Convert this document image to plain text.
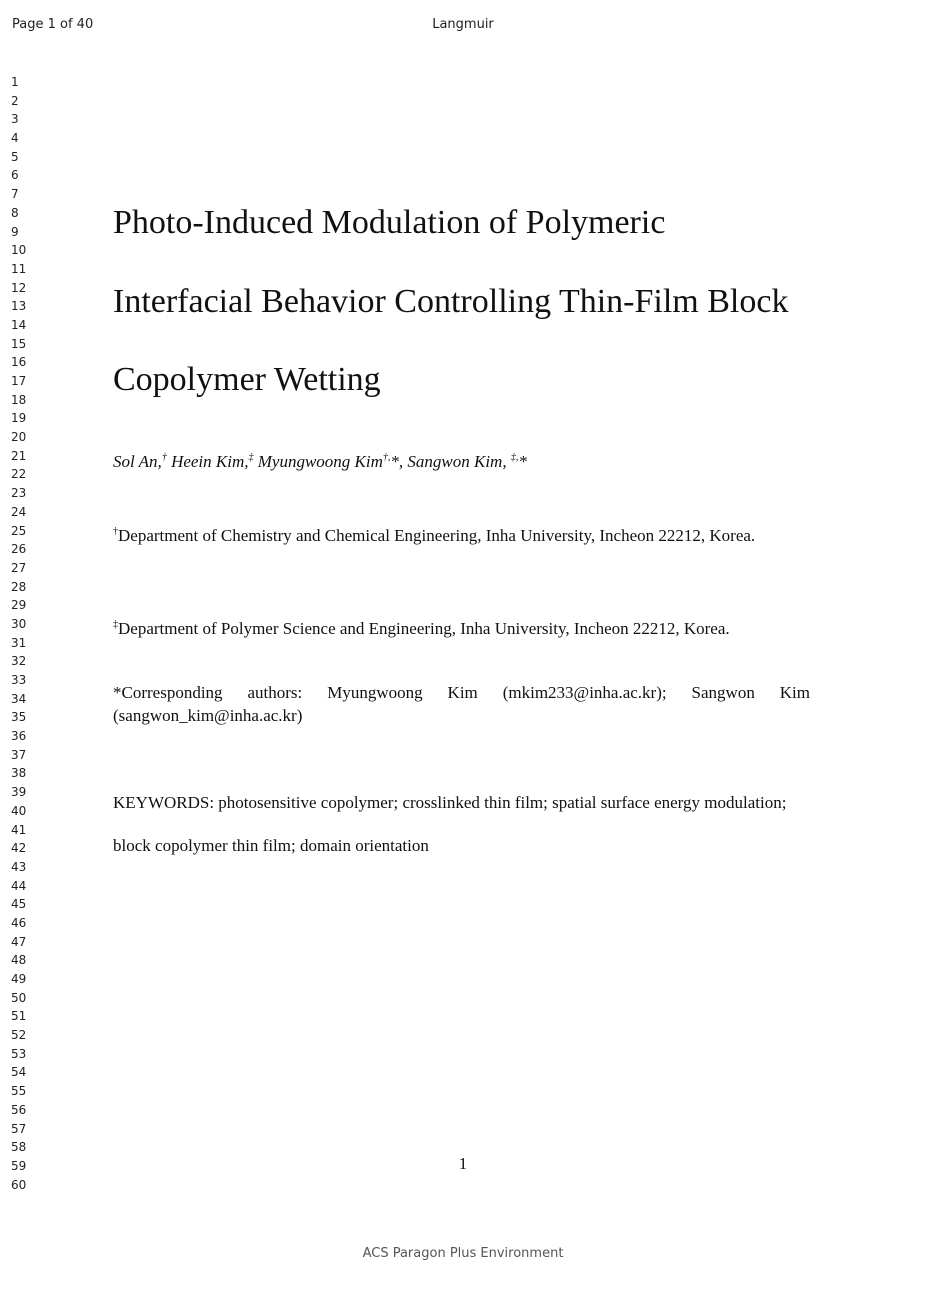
Page 1 of 40	Langmuir
1
2
3
4
5
6
7
8
9
10
11
12
13
14
15
16
17
18
19
20
21
22
23
24
25
26
27
28
29
30
31
32
33
34
35
36
37
38
39
40
41
42
43
44
45
46
47
48
49
50
51
52
53
54
55
56
57
58
59
60
Photo-Induced Modulation of Polymeric
Interfacial Behavior Controlling Thin-Film Block
Copolymer Wetting
Sol An,† Heein Kim,‡ Myungwoong Kim†,*, Sangwon Kim, ‡,*
†Department of Chemistry and Chemical Engineering, Inha University, Incheon 22212, Korea.
‡Department of Polymer Science and Engineering, Inha University, Incheon 22212, Korea.
*Corresponding authors: Myungwoong Kim (mkim233@inha.ac.kr); Sangwon Kim (sangwon_kim@inha.ac.kr)
KEYWORDS: photosensitive copolymer; crosslinked thin film; spatial surface energy modulation; block copolymer thin film; domain orientation
1
ACS Paragon Plus Environment
